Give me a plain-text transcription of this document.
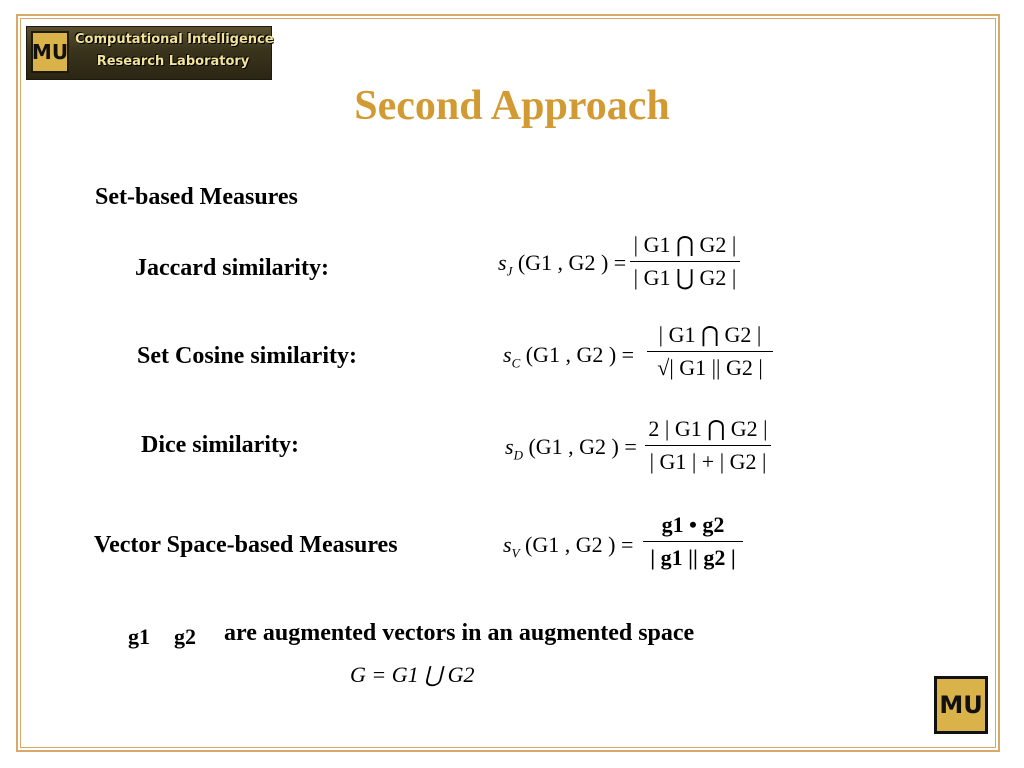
MU
Computational Intelligence
Research Laboratory
Second Approach
Set-based Measures
Jaccard similarity:	$s_J$ (G1 , G2 ) =
| G1 ⋂ G2 |
| G1 ⋃ G2 |
Set Cosine similarity:	$s_C$ (G1 , G2 ) =
| G1 ⋂ G2 |
√| G1 || G2 |
Dice similarity:	$s_D$ (G1 , G2 ) =
2 | G1 ⋂ G2 |
| G1 | + | G2 |
Vector Space-based Measures	$s_V$ (G1 , G2 ) =
g1 • g2
| g1 || g2 |
g1 g2 are augmented vectors in an augmented space
G = G1 ⋃ G2
MU
